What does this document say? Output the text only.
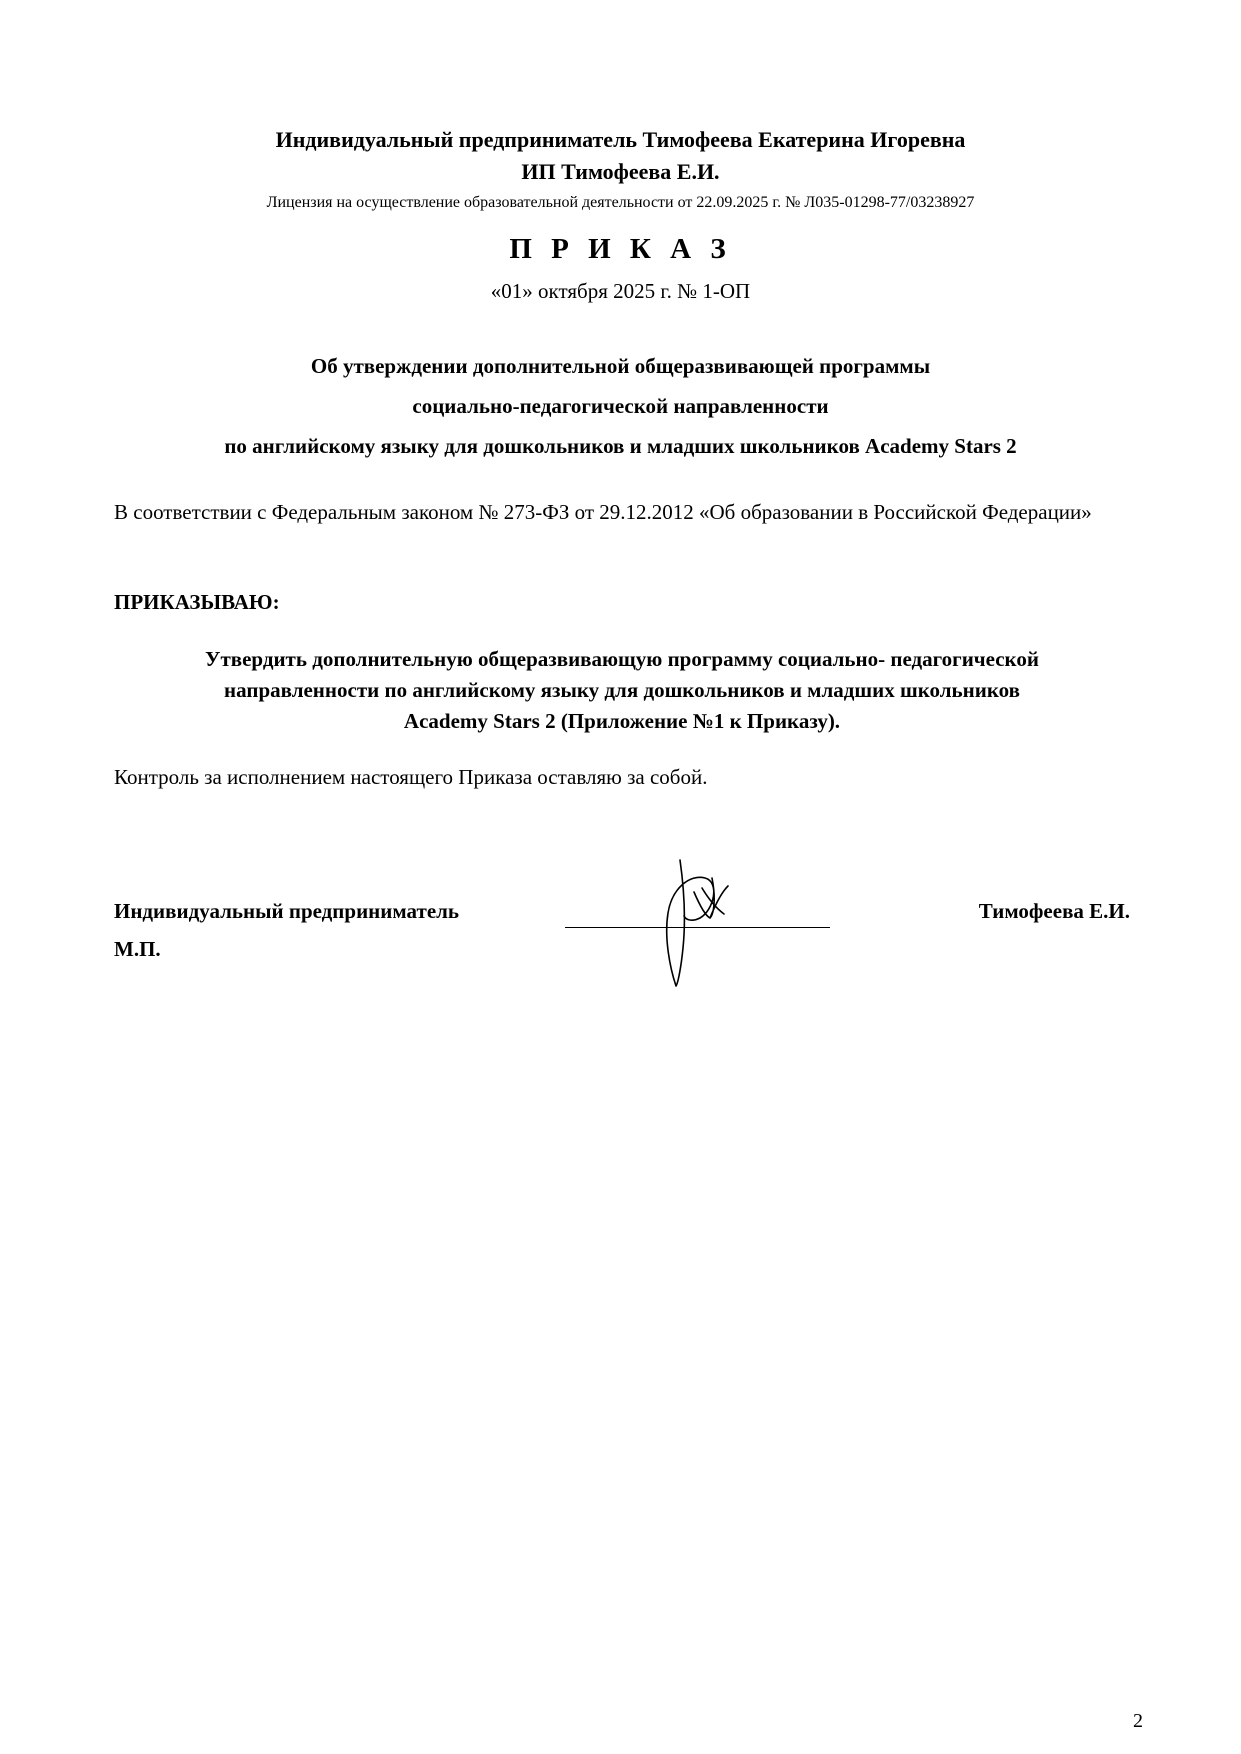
Индивидуальный предприниматель Тимофеева Екатерина Игоревна
ИП Тимофеева Е.И.
Лицензия на осуществление образовательной деятельности от 22.09.2025 г. № Л035-01298-77/03238927
П Р И К А З
«01» октября 2025 г. № 1-ОП
Об утверждении дополнительной общеразвивающей программы
социально-педагогической направленности
по английскому языку для дошкольников и младших школьников Academy Stars 2
В соответствии с Федеральным законом № 273-ФЗ от 29.12.2012 «Об образовании в Российской Федерации»
ПРИКАЗЫВАЮ:
Утвердить дополнительную общеразвивающую программу социально- педагогической
направленности по английскому языку для дошкольников и младших школьников
Academy Stars 2 (Приложение №1 к Приказу).
Контроль за исполнением настоящего Приказа оставляю за собой.
Индивидуальный предприниматель
М.П.
Тимофеева Е.И.
2
